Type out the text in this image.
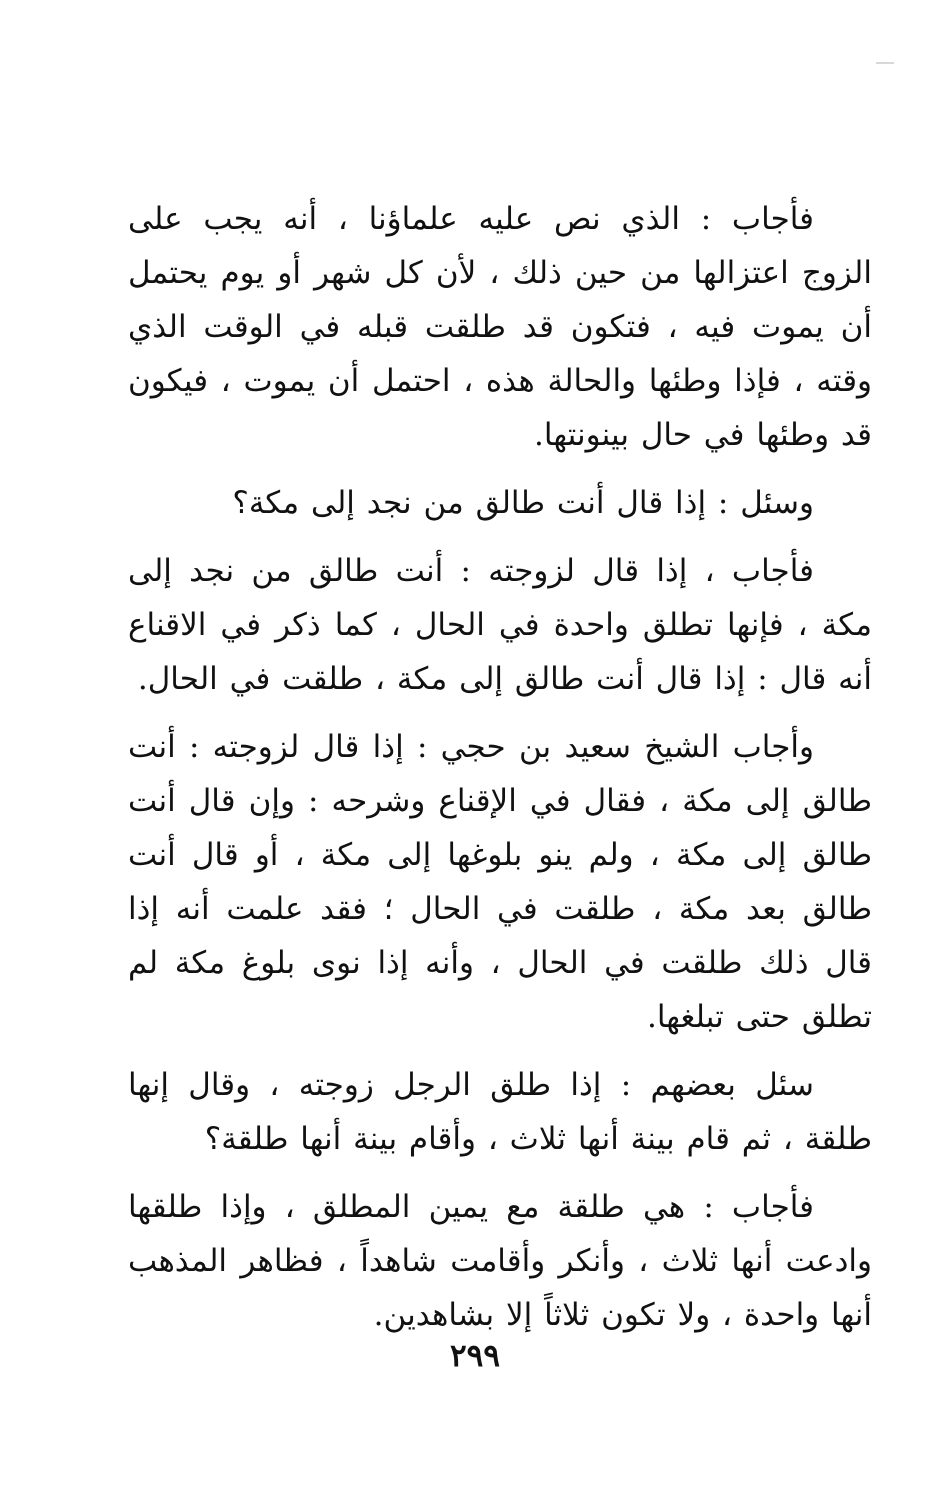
فأجاب : الذي نص عليه علماؤنا ، أنه يجب على الزوج اعتزالها من حين ذلك ، لأن كل شهر أو يوم يحتمل أن يموت فيه ، فتكون قد طلقت قبله في الوقت الذي وقته ، فإذا وطئها والحالة هذه ، احتمل أن يموت ، فيكون قد وطئها في حال بينونتها.

وسئل : إذا قال أنت طالق من نجد إلى مكة؟

فأجاب ، إذا قال لزوجته : أنت طالق من نجد إلى مكة ، فإنها تطلق واحدة في الحال ، كما ذكر في الاقناع أنه قال : إذا قال أنت طالق إلى مكة ، طلقت في الحال.

وأجاب الشيخ سعيد بن حجي : إذا قال لزوجته : أنت طالق إلى مكة ، فقال في الإقناع وشرحه : وإن قال أنت طالق إلى مكة ، ولم ينو بلوغها إلى مكة ، أو قال أنت طالق بعد مكة ، طلقت في الحال ؛ فقد علمت أنه إذا قال ذلك طلقت في الحال ، وأنه إذا نوى بلوغ مكة لم تطلق حتى تبلغها.

سئل بعضهم : إذا طلق الرجل زوجته ، وقال إنها طلقة ، ثم قام بينة أنها ثلاث ، وأقام بينة أنها طلقة؟

فأجاب : هي طلقة مع يمين المطلق ، وإذا طلقها وادعت أنها ثلاث ، وأنكر وأقامت شاهداً ، فظاهر المذهب أنها واحدة ، ولا تكون ثلاثاً إلا بشاهدين.

٢٩٩
